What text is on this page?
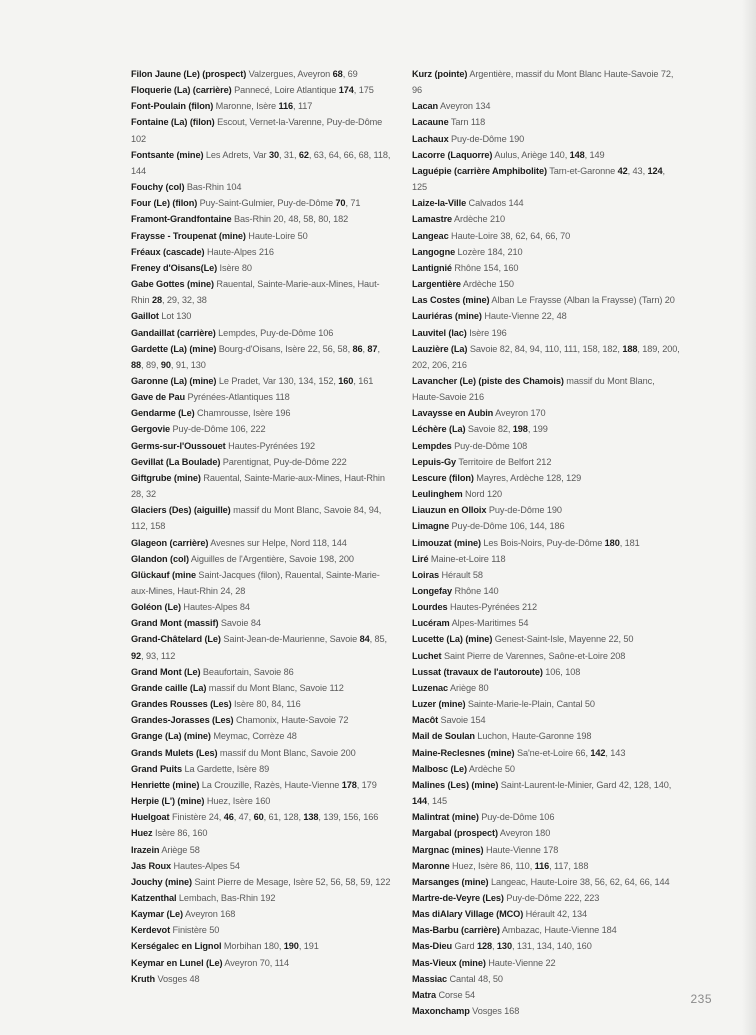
Filon Jaune (Le) (prospect) Valzergues, Aveyron 68, 69
Floquerie (La) (carrière) Pannecé, Loire Atlantique 174, 175
Font-Poulain (filon) Maronne, Isère 116, 117
Fontaine (La) (filon) Escout, Vernet-la-Varenne, Puy-de-Dôme 102
Fontsante (mine) Les Adrets, Var 30, 31, 62, 63, 64, 66, 68, 118, 144
Fouchy (col) Bas-Rhin 104
Four (Le) (filon) Puy-Saint-Gulmier, Puy-de-Dôme 70, 71
Framont-Grandfontaine Bas-Rhin 20, 48, 58, 80, 182
Fraysse - Troupenat (mine) Haute-Loire 50
Fréaux (cascade) Haute-Alpes 216
Freney d'Oisans(Le) Isère 80
Gabe Gottes (mine) Rauental, Sainte-Marie-aux-Mines, Haut-Rhin 28, 29, 32, 38
Gaillot Lot 130
Gandaillat (carrière) Lempdes, Puy-de-Dôme 106
Gardette (La) (mine) Bourg-d'Oisans, Isère 22, 56, 58, 86, 87, 88, 89, 90, 91, 130
Garonne (La) (mine) Le Pradet, Var 130, 134, 152, 160, 161
Gave de Pau Pyrénées-Atlantiques 118
Gendarme (Le) Chamrousse, Isère 196
Gergovie Puy-de-Dôme 106, 222
Germs-sur-l'Oussouet Hautes-Pyrénées 192
Gevillat (La Boulade) Parentignat, Puy-de-Dôme 222
Giftgrube (mine) Rauental, Sainte-Marie-aux-Mines, Haut-Rhin 28, 32
Glaciers (Des) (aiguille) massif du Mont Blanc, Savoie 84, 94, 112, 158
Glageon (carrière) Avesnes sur Helpe, Nord 118, 144
Glandon (col) Aiguilles de l'Argentière, Savoie 198, 200
Glückauf (mine Saint-Jacques (filon), Rauental, Sainte-Marie-aux-Mines, Haut-Rhin 24, 28
Goléon (Le) Hautes-Alpes 84
Grand Mont (massif) Savoie 84
Grand-Châtelard (Le) Saint-Jean-de-Maurienne, Savoie 84, 85, 92, 93, 112
Grand Mont (Le) Beaufortain, Savoie 86
Grande caille (La) massif du Mont Blanc, Savoie 112
Grandes Rousses (Les) Isère 80, 84, 116
Grandes-Jorasses (Les) Chamonix, Haute-Savoie 72
Grange (La) (mine) Meymac, Corrèze 48
Grands Mulets (Les) massif du Mont Blanc, Savoie 200
Grand Puits La Gardette, Isère 89
Henriette (mine) La Crouzille, Razès, Haute-Vienne 178, 179
Herpie (L') (mine) Huez, Isère 160
Huelgoat Finistère 24, 46, 47, 60, 61, 128, 138, 139, 156, 166
Huez Isère 86, 160
Irazein Ariège 58
Jas Roux Hautes-Alpes 54
Jouchy (mine) Saint Pierre de Mesage, Isère 52, 56, 58, 59, 122
Katzenthal Lembach, Bas-Rhin 192
Kaymar (Le) Aveyron 168
Kerdevot Finistère 50
Kerségalec en Lignol Morbihan 180, 190, 191
Keymar en Lunel (Le) Aveyron 70, 114
Kruth Vosges 48
Kurz (pointe) Argentière, massif du Mont Blanc Haute-Savoie 72, 96
Lacan Aveyron 134
Lacaune Tarn 118
Lachaux Puy-de-Dôme 190
Lacorre (Laquorre) Aulus, Ariège 140, 148, 149
Laguépie (carrière Amphibolite) Tarn-et-Garonne 42, 43, 124, 125
Laize-la-Ville Calvados 144
Lamastre Ardèche 210
Langeac Haute-Loire 38, 62, 64, 66, 70
Langogne Lozère 184, 210
Lantignié Rhône 154, 160
Largentière Ardèche 150
Las Costes (mine) Alban Le Fraysse (Alban la Fraysse) (Tarn) 20
Lauriéras (mine) Haute-Vienne 22, 48
Lauvitel (lac) Isère 196
Lauzière (La) Savoie 82, 84, 94, 110, 111, 158, 182, 188, 189, 200, 202, 206, 216
Lavancher (Le) (piste des Chamois) massif du Mont Blanc, Haute-Savoie 216
Lavaysse en Aubin Aveyron 170
Léchère (La) Savoie 82, 198, 199
Lempdes Puy-de-Dôme 108
Lepuis-Gy Territoire de Belfort 212
Lescure (filon) Mayres, Ardèche 128, 129
Leulinghem Nord 120
Liauzun en Olloix Puy-de-Dôme 190
Limagne Puy-de-Dôme 106, 144, 186
Limouzat (mine) Les Bois-Noirs, Puy-de-Dôme 180, 181
Liré Maine-et-Loire 118
Loiras Hérault 58
Longefay Rhône 140
Lourdes Hautes-Pyrénées 212
Lucéram Alpes-Maritimes 54
Lucette (La) (mine) Genest-Saint-Isle, Mayenne 22, 50
Luchet Saint Pierre de Varennes, Saône-et-Loire 208
Lussat (travaux de l'autoroute) 106, 108
Luzenac Ariège 80
Luzer (mine) Sainte-Marie-le-Plain, Cantal 50
Macôt Savoie 154
Mail de Soulan Luchon, Haute-Garonne 198
Maine-Reclesnes (mine) Sa'ne-et-Loire 66, 142, 143
Malbosc (Le) Ardèche 50
Malines (Les) (mine) Saint-Laurent-le-Minier, Gard 42, 128, 140, 144, 145
Malintrat (mine) Puy-de-Dôme 106
Margabal (prospect) Aveyron 180
Margnac (mines) Haute-Vienne 178
Maronne Huez, Isère 86, 110, 116, 117, 188
Marsanges (mine) Langeac, Haute-Loire 38, 56, 62, 64, 66, 144
Martre-de-Veyre (Les) Puy-de-Dôme 222, 223
Mas diAlary Village (MCO) Hérault 42, 134
Mas-Barbu (carrière) Ambazac, Haute-Vienne 184
Mas-Dieu Gard 128, 130, 131, 134, 140, 160
Mas-Vieux (mine) Haute-Vienne 22
Massiac Cantal 48, 50
Matra Corse 54
Maxonchamp Vosges 168
235
